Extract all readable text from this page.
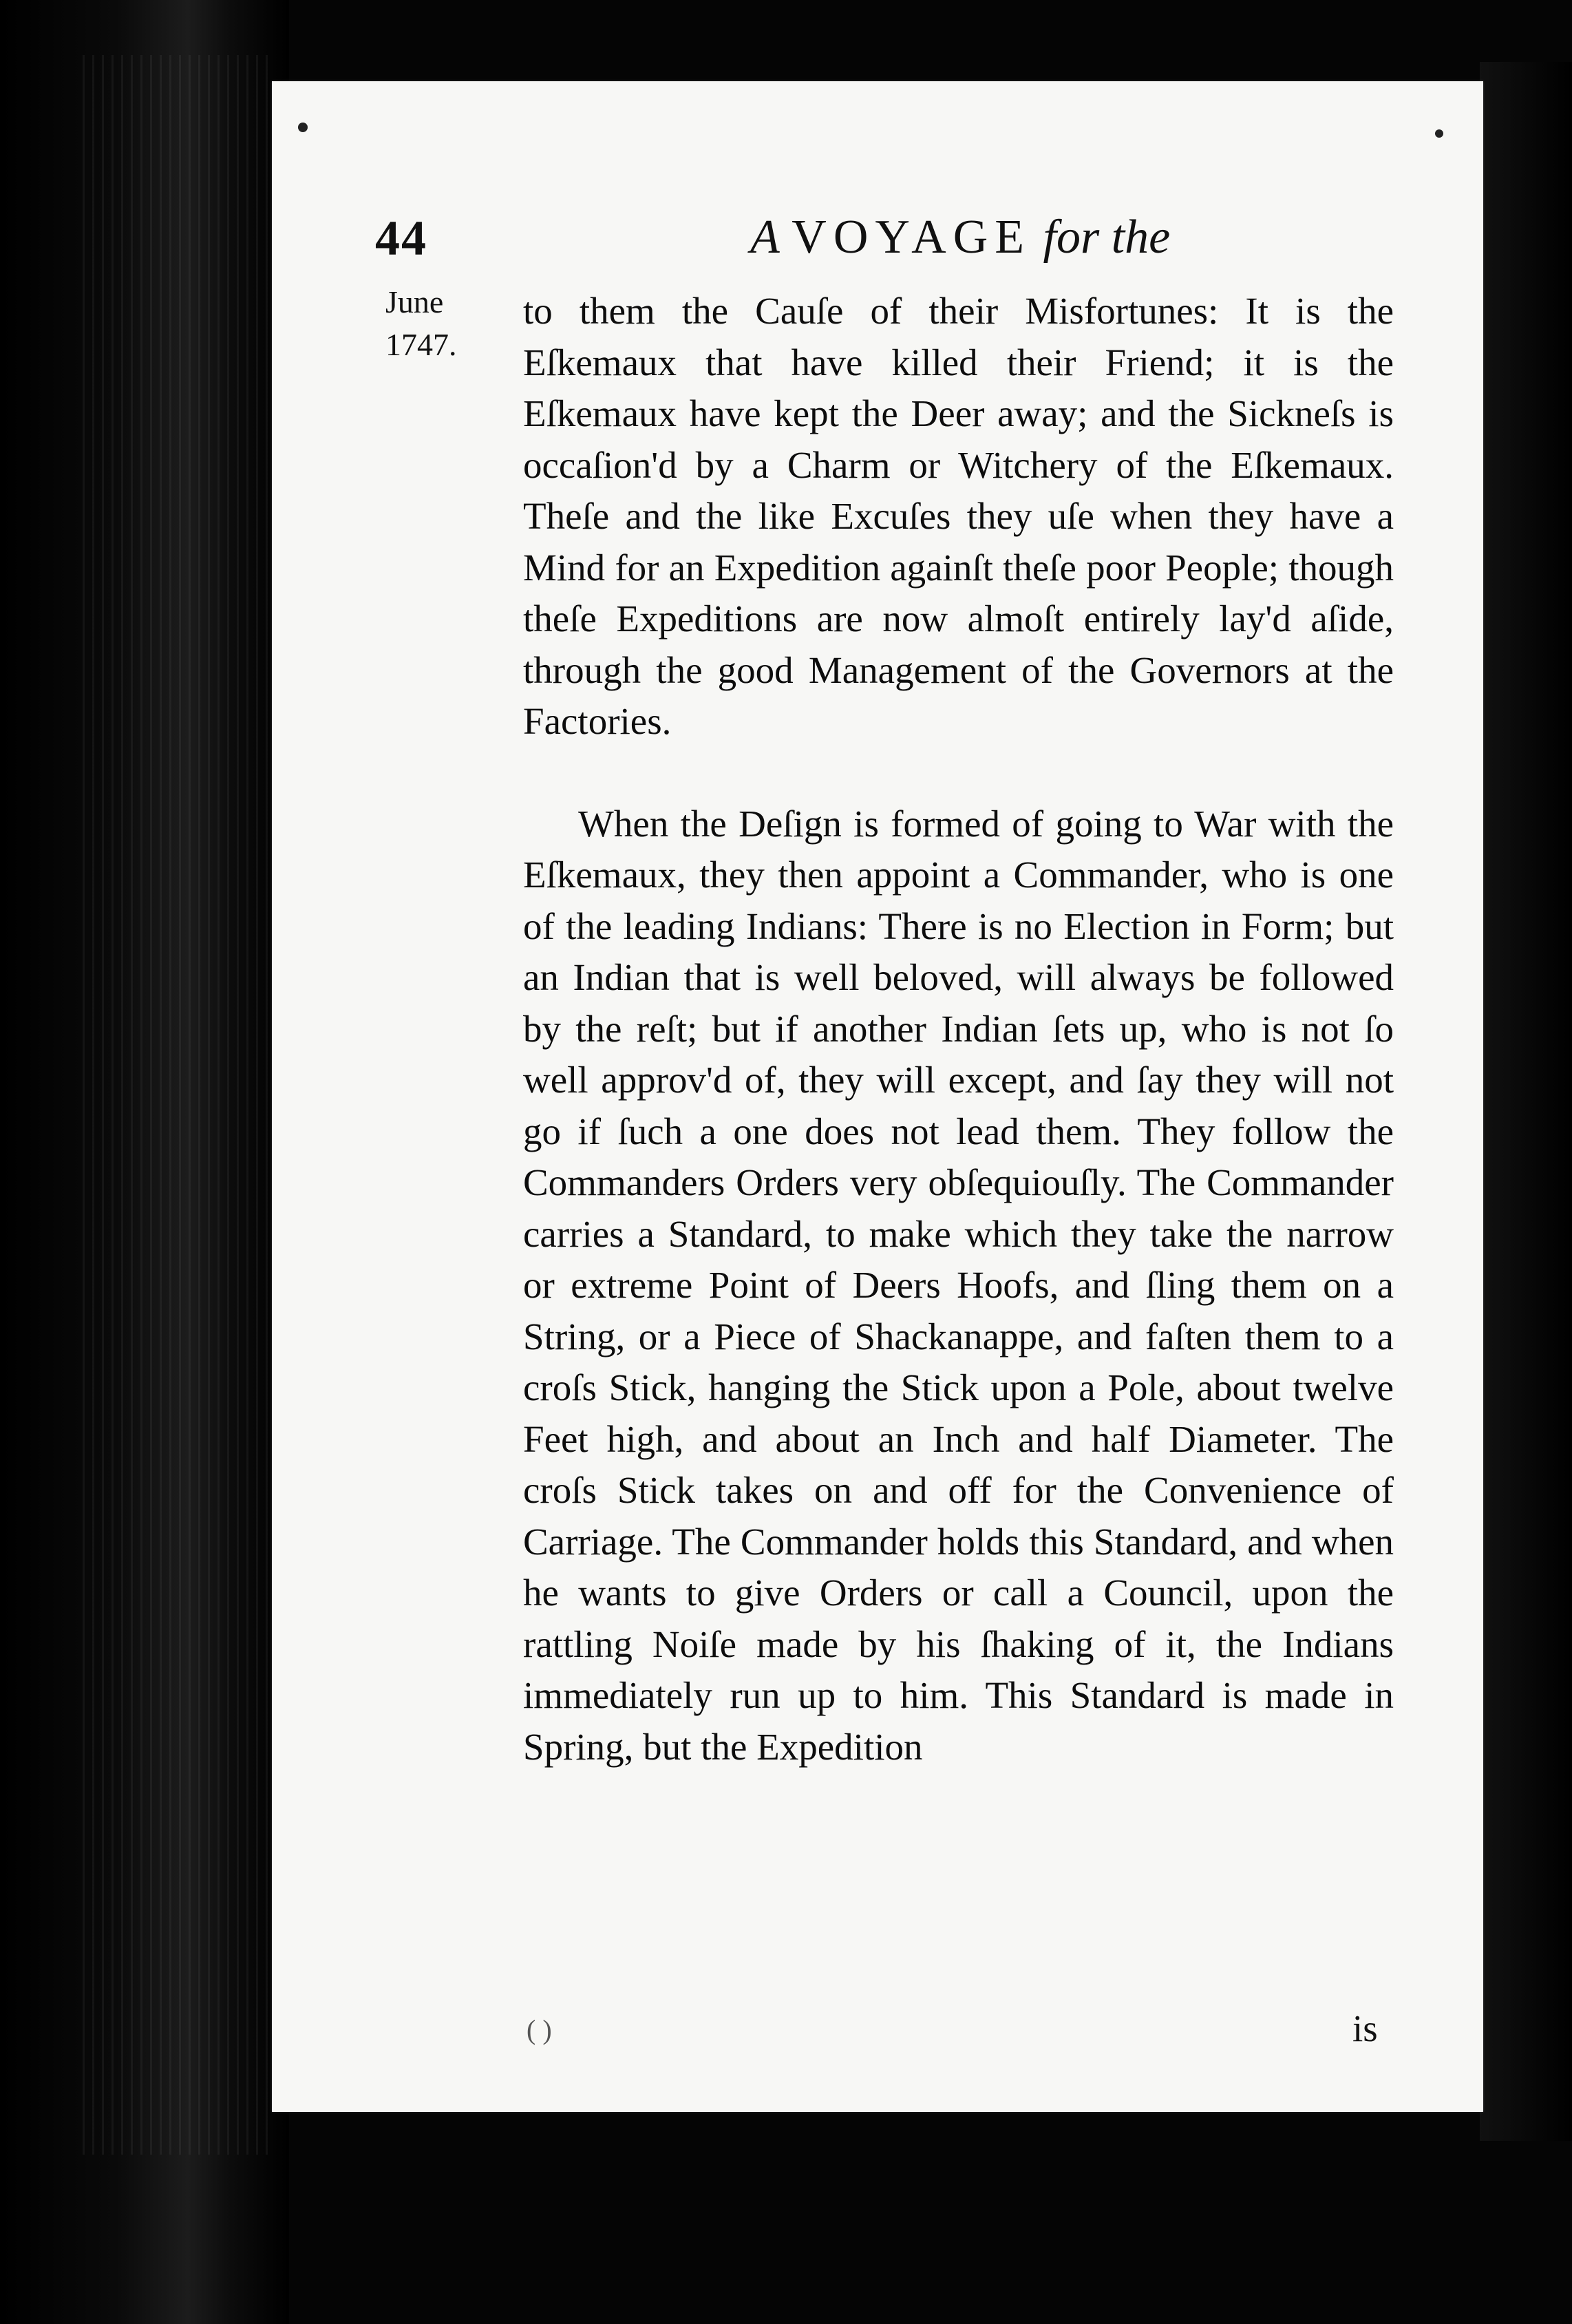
44	A VOYAGE for the
June
1747.

to them the Cauſe of their Misfortunes: It is the Eſkemaux that have killed their Friend; it is the Eſkemaux have kept the Deer away; and the Sickneſs is occaſion'd by a Charm or Witchery of the Eſkemaux. Theſe and the like Excuſes they uſe when they have a Mind for an Expedition againſt theſe poor People; though theſe Expeditions are now almoſt entirely lay'd aſide, through the good Management of the Governors at the Factories.

When the Deſign is formed of going to War with the Eſkemaux, they then appoint a Commander, who is one of the leading Indians: There is no Election in Form; but an Indian that is well beloved, will always be followed by the reſt; but if another Indian ſets up, who is not ſo well approv'd of, they will except, and ſay they will not go if ſuch a one does not lead them. They follow the Commanders Orders very obſequiouſly. The Commander carries a Standard, to make which they take the narrow or extreme Point of Deers Hoofs, and ſling them on a String, or a Piece of Shackanappe, and faſten them to a croſs Stick, hanging the Stick upon a Pole, about twelve Feet high, and about an Inch and half Diameter. The croſs Stick takes on and off for the Convenience of Carriage. The Commander holds this Standard, and when he wants to give Orders or call a Council, upon the rattling Noiſe made by his ſhaking of it, the Indians immediately run up to him. This Standard is made in Spring, but the Expedition

( )	is
